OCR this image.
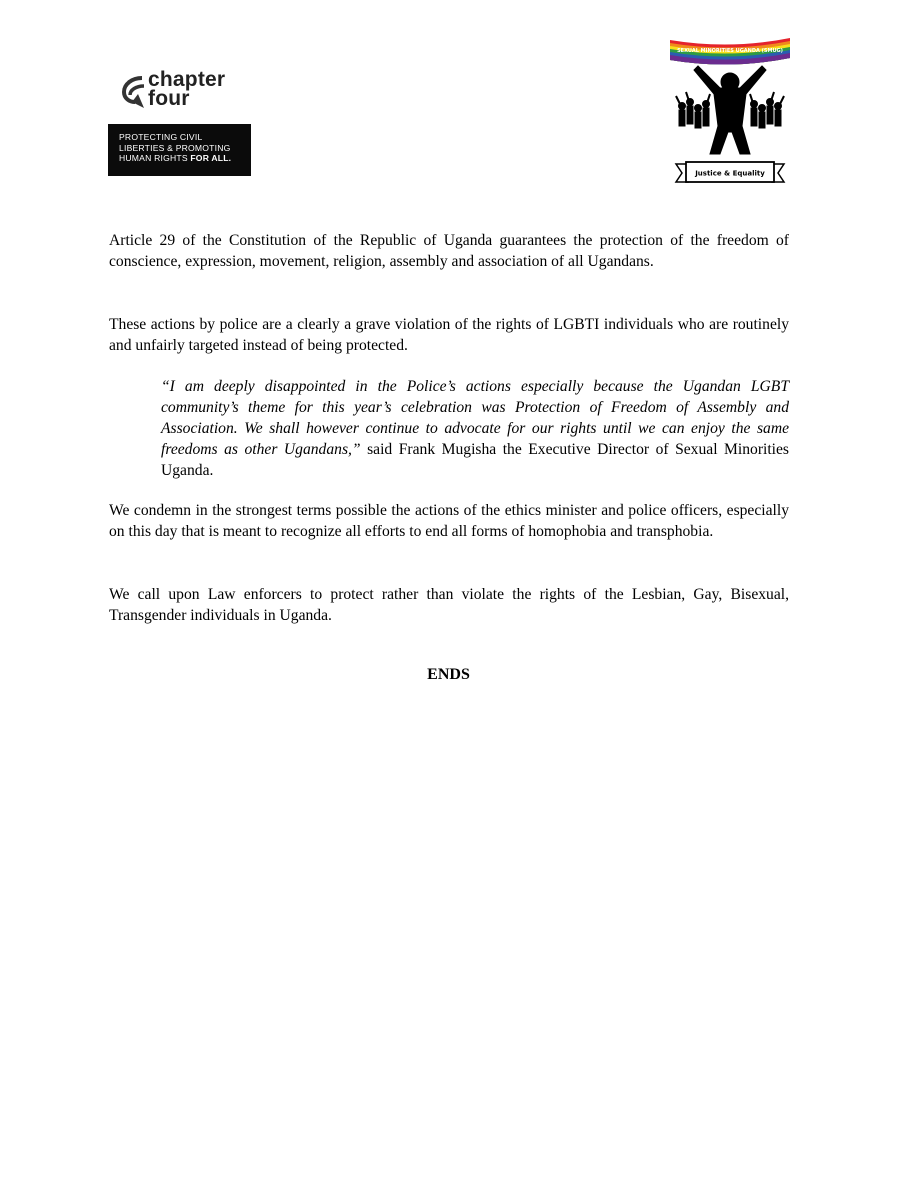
chapter
four
PROTECTING CIVIL
LIBERTIES & PROMOTING
HUMAN RIGHTS FOR ALL.
SEXUAL MINORITIES UGANDA (SMUG)
Justice & Equality

Article 29 of the Constitution of the Republic of Uganda guarantees the protection of the freedom of conscience, expression, movement, religion, assembly and association of all Ugandans.

These actions by police are a clearly a grave violation of the rights of LGBTI individuals who are routinely and unfairly targeted instead of being protected.

“I am deeply disappointed in the Police’s actions especially because the Ugandan LGBT community’s theme for this year’s celebration was Protection of Freedom of Assembly and Association. We shall however continue to advocate for our rights until we can enjoy the same freedoms as other Ugandans,” said Frank Mugisha the Executive Director of Sexual Minorities Uganda.

We condemn in the strongest terms possible the actions of the ethics minister and police officers, especially on this day that is meant to recognize all efforts to end all forms of homophobia and transphobia.

We call upon Law enforcers to protect rather than violate the rights of the Lesbian, Gay, Bisexual, Transgender individuals in Uganda.

ENDS
